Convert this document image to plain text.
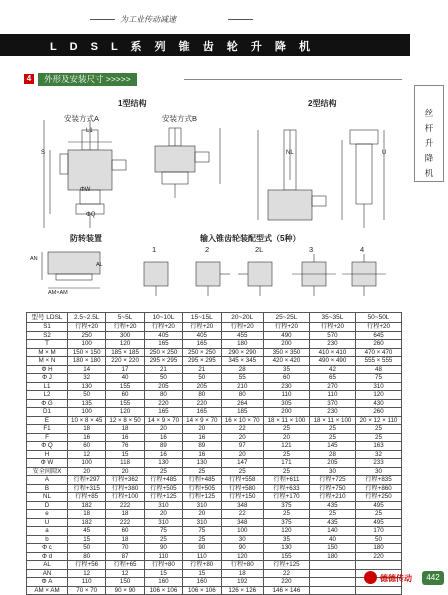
为工业传动减速
L D S L 系 列 锥 齿 轮 升 降 机
丝杆升降机
4	外形及安装尺寸 >>>>>
1型结构	2型结构
安装方式A	安装方式B
防转装置	输入锥齿轮装配型式（5种）
S
L1
ΦQ
ΦW
NL	U
AN
AL
AM×AM
1	2	2L	3	4
型号 LDSL	2.5~2.5L	5~5L	10~10L	15~15L	20~20L	25~25L	35~35L	50~50L
S1	行程+20	行程+20	行程+20	行程+20	行程+20	行程+20	行程+20	行程+20
S2	250	300	405	405	455	490	570	645
T	100	120	165	165	180	200	230	260
M × M	150 × 150	185 × 185	250 × 250	250 × 250	290 × 290	350 × 350	410 × 410	470 × 470
M × N	180 × 180	220 × 220	295 × 295	295 × 295	345 × 345	420 × 420	490 × 490	555 × 555
Φ H	14	17	21	21	28	35	42	48
Φ J	32	40	50	50	55	60	65	75
L1	130	155	205	205	210	230	270	310
L2	50	60	80	80	80	110	110	120
Φ G	135	155	220	220	264	305	370	430
D1	100	120	165	165	185	200	230	260
E	10 × 8 × 45	12 × 8 × 50	14 × 9 × 70	14 × 9 × 70	16 × 10 × 70	18 × 11 × 100	18 × 11 × 100	20 × 12 × 110
F1	18	18	20	20	22	25	25	25
F	16	16	16	16	20	20	25	25
Φ Q	60	76	89	89	97	121	145	163
H	12	15	16	16	20	25	28	32
Φ W	100	118	130	130	147	171	205	233
安全间隙X	20	20	25	25	25	25	30	30
A	行程+297	行程+362	行程+485	行程+485	行程+558	行程+611	行程+725	行程+835
B	行程+315	行程+380	行程+505	行程+505	行程+580	行程+633	行程+750	行程+860
NL	行程+85	行程+100	行程+125	行程+125	行程+150	行程+170	行程+210	行程+250
D	182	222	310	310	348	375	435	495
e	18	18	20	20	22	25	25	25
U	182	222	310	310	348	375	435	495
a	45	60	75	75	100	120	140	170
b	15	18	25	25	30	35	40	50
Φ c	50	70	90	90	90	130	150	180
Φ d	80	87	110	110	120	155	180	220
AL	行程+56	行程+65	行程+80	行程+80	行程+80	行程+125		
AN	12	12	15	15	18	22		
Φ A	110	150	160	160	192	220		
AM × AM	70 × 70	90 × 90	106 × 106	106 × 106	126 × 126	146 × 146		
德德传动	442
